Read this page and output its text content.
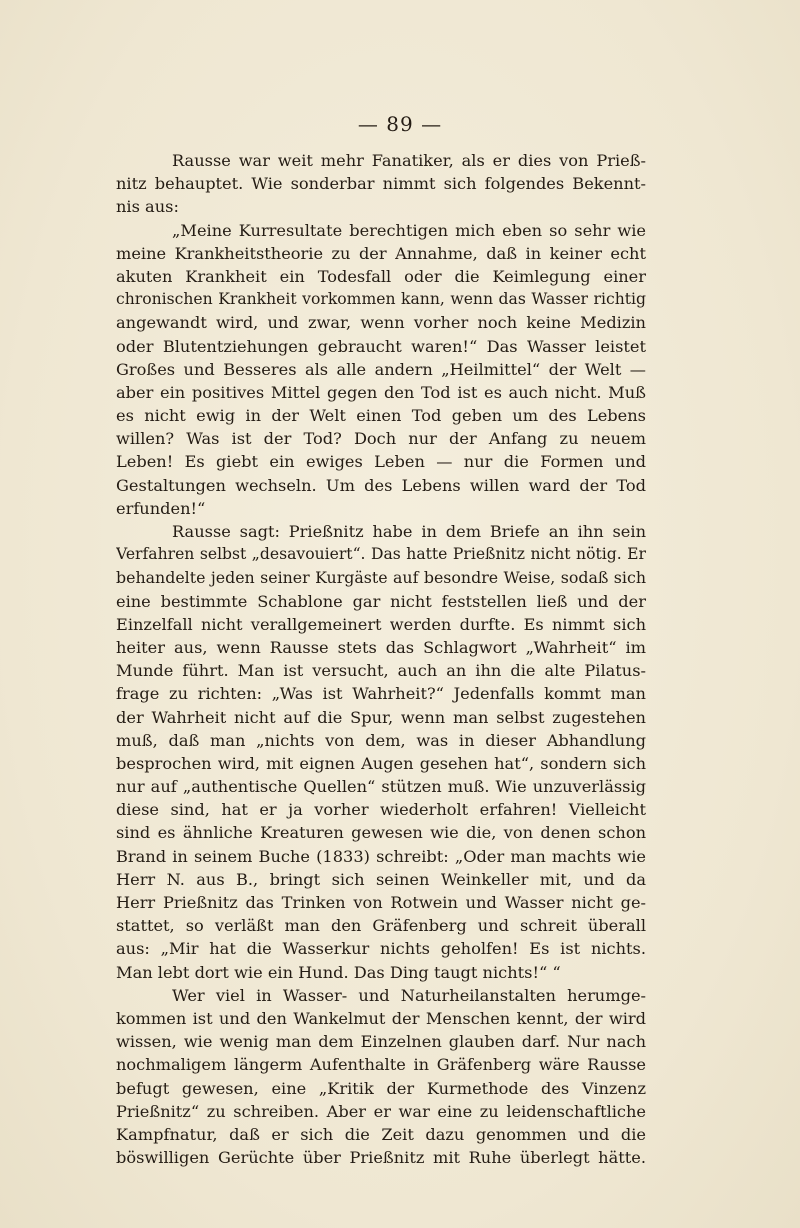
— 89 —
Rausse war weit mehr Fanatiker, als er dies von Prieß-
nitz behauptet. Wie sonderbar nimmt sich folgendes Bekennt-
nis aus:
„Meine Kurresultate berechtigen mich eben so sehr wie
meine Krankheitstheorie zu der Annahme, daß in keiner echt
akuten Krankheit ein Todesfall oder die Keimlegung einer
chronischen Krankheit vorkommen kann, wenn das Wasser richtig
angewandt wird, und zwar, wenn vorher noch keine Medizin
oder Blutentziehungen gebraucht waren!“ Das Wasser leistet
Großes und Besseres als alle andern „Heilmittel“ der Welt —
aber ein positives Mittel gegen den Tod ist es auch nicht. Muß
es nicht ewig in der Welt einen Tod geben um des Lebens
willen? Was ist der Tod? Doch nur der Anfang zu neuem
Leben! Es giebt ein ewiges Leben — nur die Formen und
Gestaltungen wechseln. Um des Lebens willen ward der Tod
erfunden!“
Rausse sagt: Prießnitz habe in dem Briefe an ihn sein
Verfahren selbst „desavouiert“. Das hatte Prießnitz nicht nötig. Er
behandelte jeden seiner Kurgäste auf besondre Weise, sodaß sich
eine bestimmte Schablone gar nicht feststellen ließ und der
Einzelfall nicht verallgemeinert werden durfte. Es nimmt sich
heiter aus, wenn Rausse stets das Schlagwort „Wahrheit“ im
Munde führt. Man ist versucht, auch an ihn die alte Pilatus-
frage zu richten: „Was ist Wahrheit?“ Jedenfalls kommt man
der Wahrheit nicht auf die Spur, wenn man selbst zugestehen
muß, daß man „nichts von dem, was in dieser Abhandlung
besprochen wird, mit eignen Augen gesehen hat“, sondern sich
nur auf „authentische Quellen“ stützen muß. Wie unzuverlässig
diese sind, hat er ja vorher wiederholt erfahren! Vielleicht
sind es ähnliche Kreaturen gewesen wie die, von denen schon
Brand in seinem Buche (1833) schreibt: „Oder man machts wie
Herr N. aus B., bringt sich seinen Weinkeller mit, und da
Herr Prießnitz das Trinken von Rotwein und Wasser nicht ge-
stattet, so verläßt man den Gräfenberg und schreit überall
aus: „Mir hat die Wasserkur nichts geholfen! Es ist nichts.
Man lebt dort wie ein Hund. Das Ding taugt nichts!“ “
Wer viel in Wasser- und Naturheilanstalten herumge-
kommen ist und den Wankelmut der Menschen kennt, der wird
wissen, wie wenig man dem Einzelnen glauben darf. Nur nach
nochmaligem längerm Aufenthalte in Gräfenberg wäre Rausse
befugt gewesen, eine „Kritik der Kurmethode des Vinzenz
Prießnitz“ zu schreiben. Aber er war eine zu leidenschaftliche
Kampfnatur, daß er sich die Zeit dazu genommen und die
böswilligen Gerüchte über Prießnitz mit Ruhe überlegt hätte.
